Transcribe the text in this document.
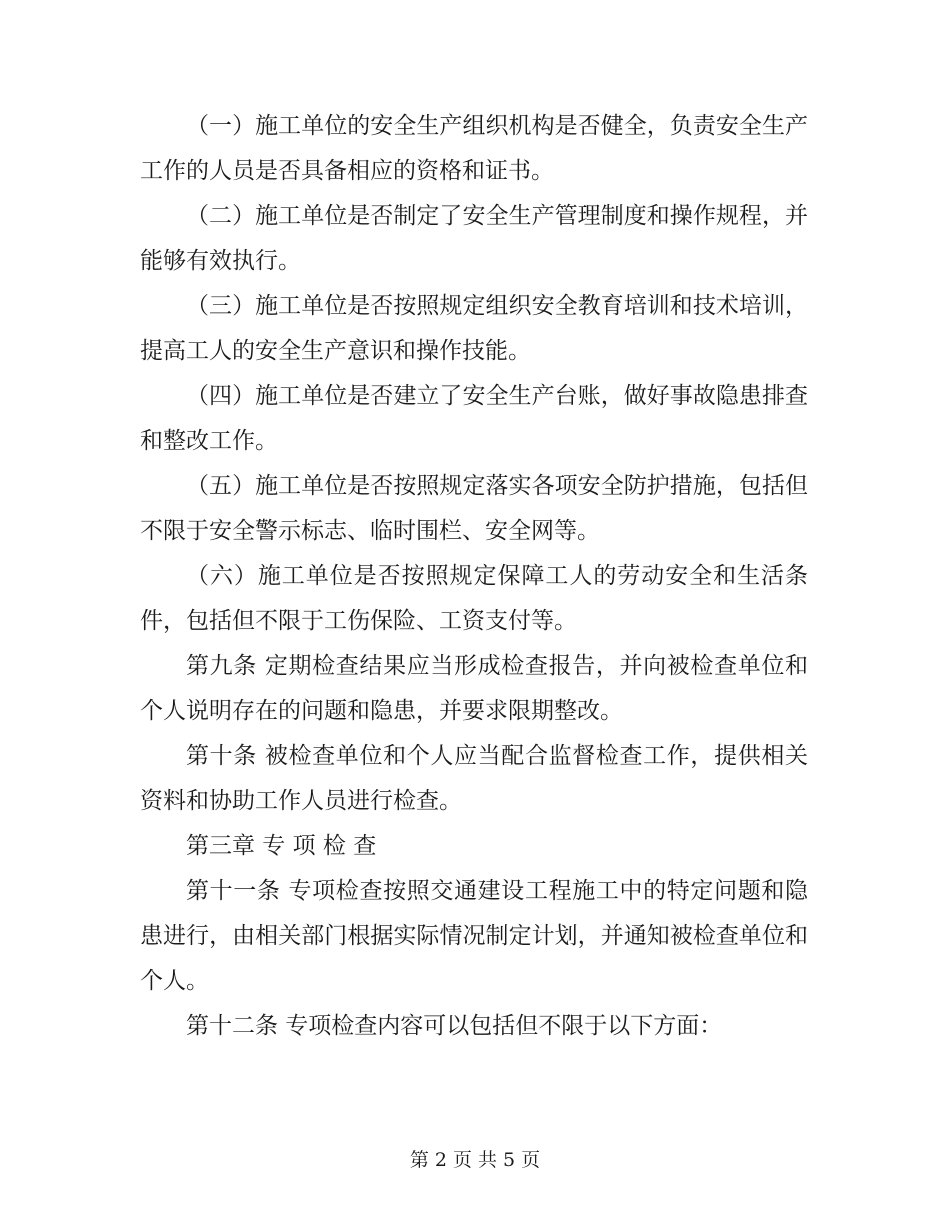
（一）施工单位的安全生产组织机构是否健全，负责安全生产工作的人员是否具备相应的资格和证书。

（二）施工单位是否制定了安全生产管理制度和操作规程，并能够有效执行。

（三）施工单位是否按照规定组织安全教育培训和技术培训，提高工人的安全生产意识和操作技能。

（四）施工单位是否建立了安全生产台账，做好事故隐患排查和整改工作。

（五）施工单位是否按照规定落实各项安全防护措施，包括但不限于安全警示标志、临时围栏、安全网等。

（六）施工单位是否按照规定保障工人的劳动安全和生活条件，包括但不限于工伤保险、工资支付等。

第九条 定期检查结果应当形成检查报告，并向被检查单位和个人说明存在的问题和隐患，并要求限期整改。

第十条 被检查单位和个人应当配合监督检查工作，提供相关资料和协助工作人员进行检查。

第三章 专 项 检 查

第十一条 专项检查按照交通建设工程施工中的特定问题和隐患进行，由相关部门根据实际情况制定计划，并通知被检查单位和个人。

第十二条 专项检查内容可以包括但不限于以下方面：

第 2 页 共 5 页
